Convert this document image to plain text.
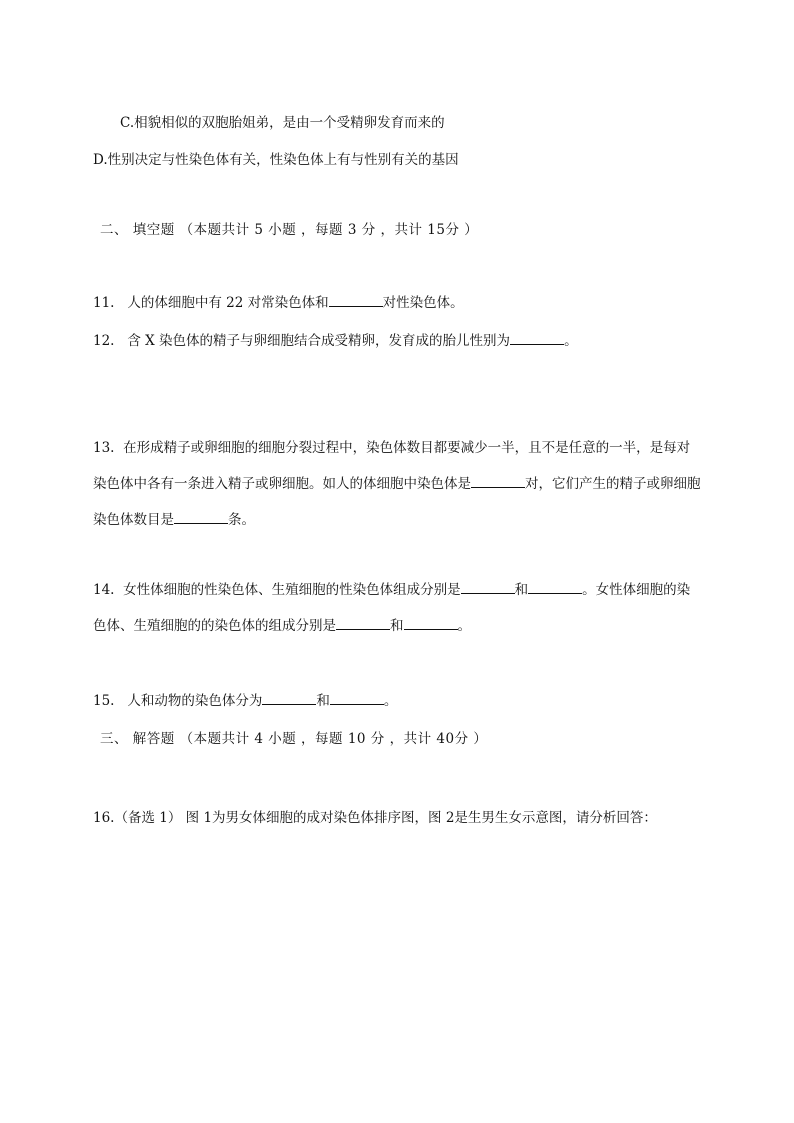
C.相貌相似的双胞胎姐弟，是由一个受精卵发育而来的
D.性别决定与性染色体有关，性染色体上有与性别有关的基因
二、 填空题 （本题共计 5 小题 ，每题 3 分 ，共计 15分 ）
11. 人的体细胞中有 22 对常染色体和	对性染色体。
12. 含 X 染色体的精子与卵细胞结合成受精卵，发育成的胎儿性别为	。
13. 在形成精子或卵细胞的细胞分裂过程中，染色体数目都要减少一半，且不是任意的一半，是每对染色体中各有一条进入精子或卵细胞。如人的体细胞中染色体是	对，它们产生的精子或卵细胞染色体数目是	条。
14. 女性体细胞的性染色体、生殖细胞的性染色体组成分别是	和	。女性体细胞的染色体、生殖细胞的的染色体的组成分别是	和	。
15. 人和动物的染色体分为	和	。
三、 解答题 （本题共计 4 小题 ，每题 10 分 ，共计 40分 ）
16.（备选 1） 图 1为男女体细胞的成对染色体排序图，图 2是生男生女示意图，请分析回答：
